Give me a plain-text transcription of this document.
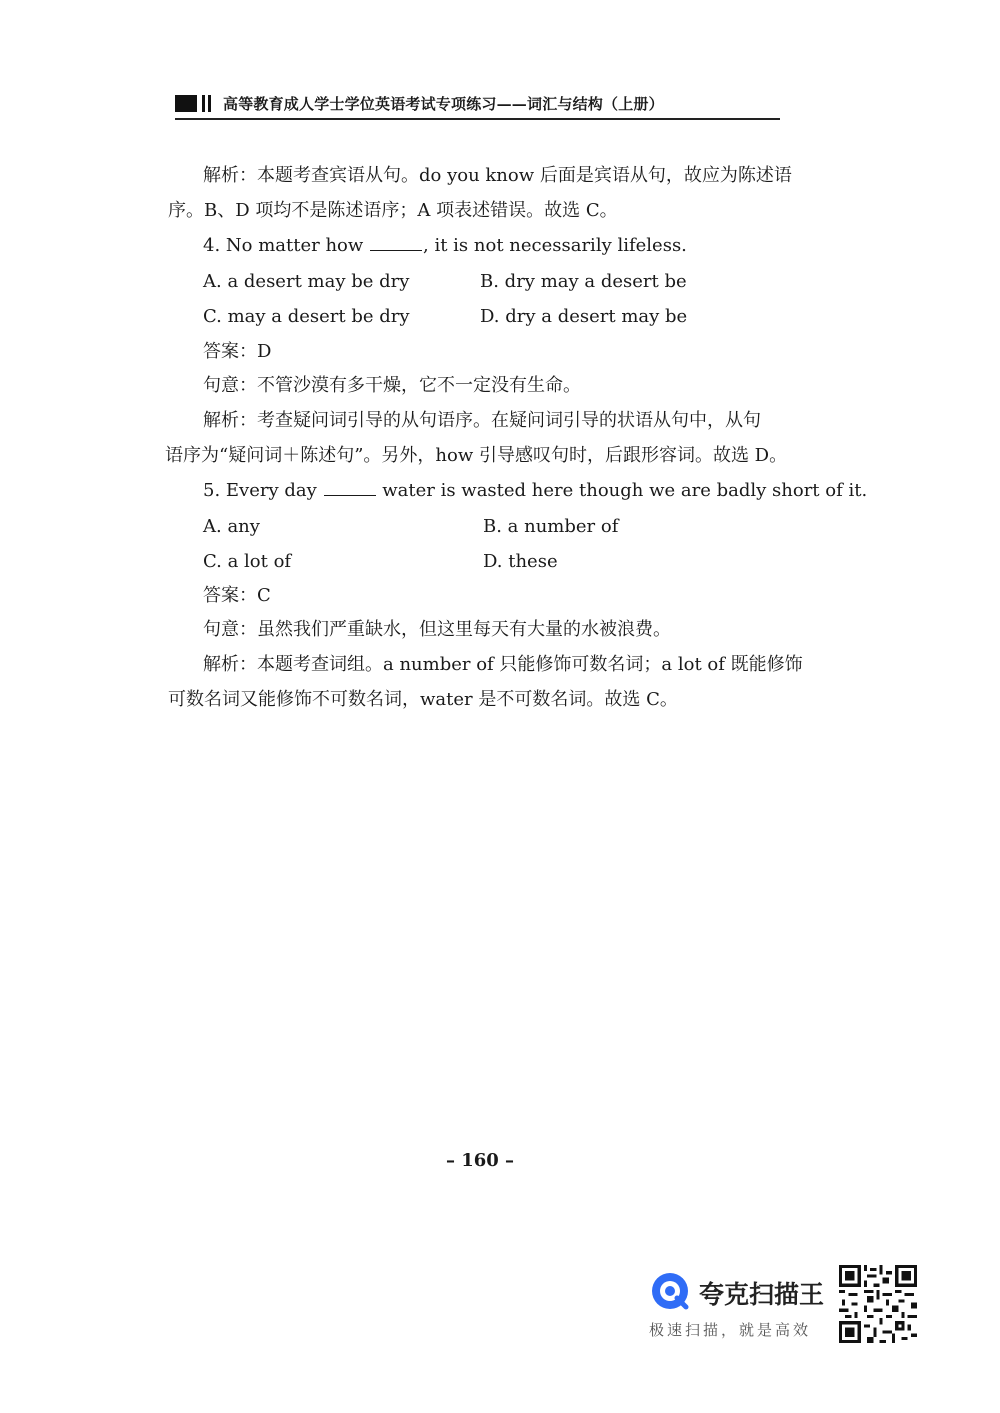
高等教育成人学士学位英语考试专项练习——词汇与结构（上册）
解析：本题考查宾语从句。do you know 后面是宾语从句，故应为陈述语
序。B、D 项均不是陈述语序；A 项表述错误。故选 C。
4. No matter how	, it is not necessarily lifeless.
A. a desert may be dry	B. dry may a desert be
C. may a desert be dry	D. dry a desert may be
答案：D
句意：不管沙漠有多干燥，它不一定没有生命。
解析：考查疑问词引导的从句语序。在疑问词引导的状语从句中，从句
语序为“疑问词＋陈述句”。另外，how 引导感叹句时，后跟形容词。故选 D。
5. Every day	water is wasted here though we are badly short of it.
A. any	B. a number of
C. a lot of	D. these
答案：C
句意：虽然我们严重缺水，但这里每天有大量的水被浪费。
解析：本题考查词组。a number of 只能修饰可数名词；a lot of 既能修饰
可数名词又能修饰不可数名词，water 是不可数名词。故选 C。
– 160 –
夸克扫描王
极速扫描，就是高效
